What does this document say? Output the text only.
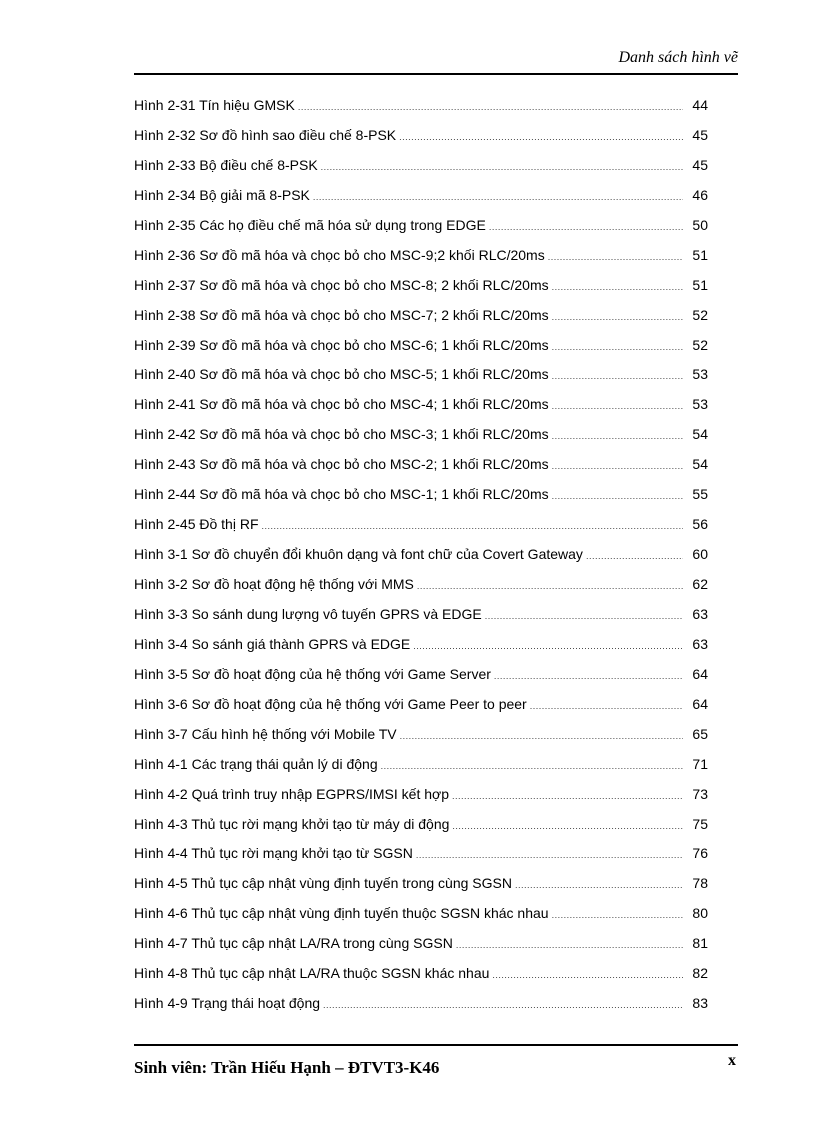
Danh sách hình vẽ
Hình 2-31 Tín hiệu GMSK .....	44
Hình 2-32 Sơ đồ hình sao điều chế 8-PSK .....	45
Hình 2-33 Bộ điều chế 8-PSK .....	45
Hình 2-34 Bộ giải mã 8-PSK .....	46
Hình 2-35 Các họ điều chế mã hóa sử dụng trong EDGE .....	50
Hình 2-36 Sơ đồ mã hóa và chọc bỏ cho MSC-9;2 khối RLC/20ms .....	51
Hình 2-37 Sơ đồ mã hóa và chọc bỏ cho MSC-8; 2 khối RLC/20ms .....	51
Hình 2-38 Sơ đồ mã hóa và chọc bỏ cho MSC-7; 2 khối RLC/20ms .....	52
Hình 2-39 Sơ đồ mã hóa và chọc bỏ cho MSC-6; 1 khối RLC/20ms .....	52
Hình 2-40 Sơ đồ mã hóa và chọc bỏ cho MSC-5; 1 khối RLC/20ms .....	53
Hình 2-41 Sơ đồ mã hóa và chọc bỏ cho MSC-4; 1 khối RLC/20ms .....	53
Hình 2-42 Sơ đồ mã hóa và chọc bỏ cho MSC-3; 1 khối RLC/20ms .....	54
Hình 2-43 Sơ đồ mã hóa và chọc bỏ cho MSC-2; 1 khối RLC/20ms .....	54
Hình 2-44 Sơ đồ mã hóa và chọc bỏ cho MSC-1; 1 khối RLC/20ms .....	55
Hình 2-45 Đồ thị RF .....	56
Hình 3-1 Sơ đồ chuyển đổi khuôn dạng và font chữ của Covert Gateway .....	60
Hình 3-2 Sơ đồ hoạt động hệ thống với MMS .....	62
Hình 3-3 So sánh dung lượng vô tuyến GPRS và EDGE .....	63
Hình 3-4 So sánh giá thành GPRS và EDGE .....	63
Hình 3-5 Sơ đồ hoạt động của hệ thống với Game Server .....	64
Hình 3-6 Sơ đồ hoạt động của hệ thống với Game Peer to peer .....	64
Hình 3-7 Cấu hình hệ thống với Mobile TV .....	65
Hình 4-1 Các trạng thái quản lý di động .....	71
Hình 4-2 Quá trình truy nhập EGPRS/IMSI kết hợp .....	73
Hình 4-3 Thủ tục rời mạng khởi tạo từ máy di động .....	75
Hình 4-4 Thủ tục rời mạng khởi tạo từ SGSN .....	76
Hình 4-5 Thủ tục cập nhật vùng định tuyến trong cùng SGSN .....	78
Hình 4-6 Thủ tục cập nhật vùng định tuyến thuộc SGSN khác nhau .....	80
Hình 4-7 Thủ tục cập nhật LA/RA trong cùng SGSN .....	81
Hình 4-8 Thủ tục cập nhật LA/RA thuộc SGSN khác nhau .....	82
Hình 4-9 Trạng thái hoạt động .....	83
Sinh viên: Trần Hiếu Hạnh – ĐTVT3-K46	x
